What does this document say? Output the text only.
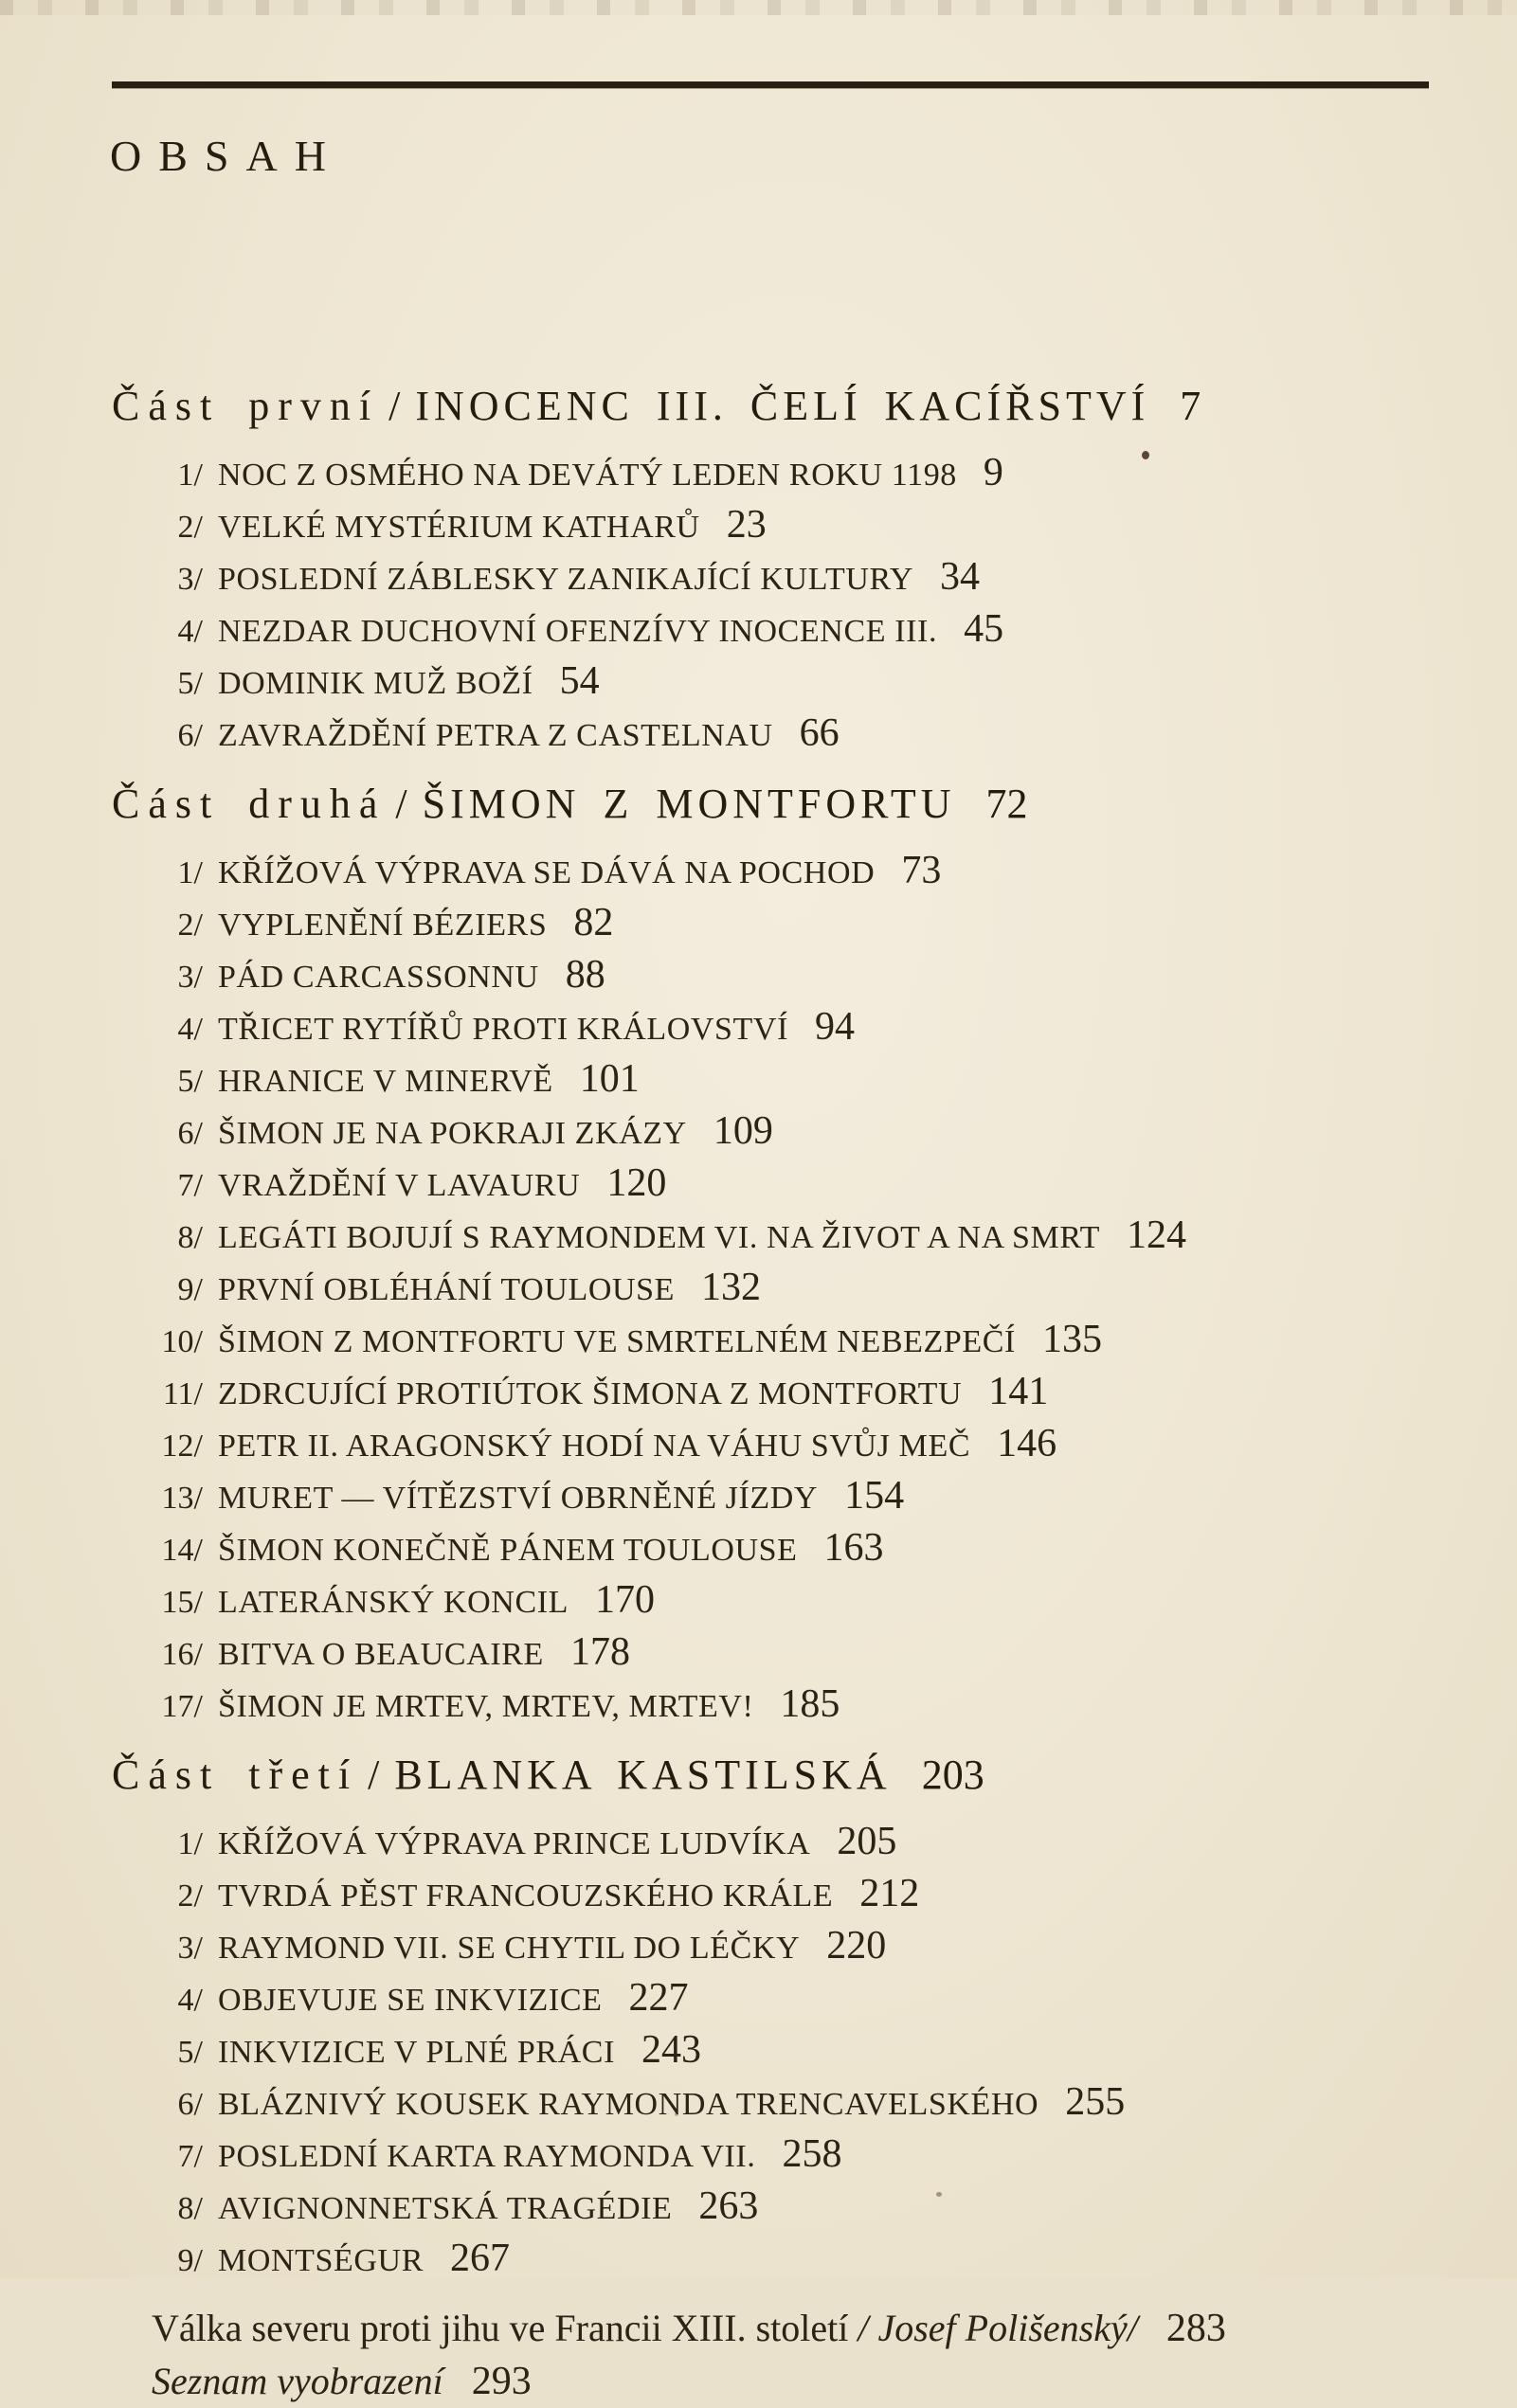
OBSAH
Část první / INOCENC III. ČELÍ KACÍŘSTVÍ 7
1/ NOC Z OSMÉHO NA DEVÁTÝ LEDEN ROKU 1198 9
2/ VELKÉ MYSTÉRIUM KATHARŮ 23
3/ POSLEDNÍ ZÁBLESKY ZANIKAJÍCÍ KULTURY 34
4/ NEZDAR DUCHOVNÍ OFENZÍVY INOCENCE III. 45
5/ DOMINIK MUŽ BOŽÍ 54
6/ ZAVRAŽDĚNÍ PETRA Z CASTELNAU 66
Část druhá / ŠIMON Z MONTFORTU 72
1/ KŘÍŽOVÁ VÝPRAVA SE DÁVÁ NA POCHOD 73
2/ VYPLENĚNÍ BÉZIERS 82
3/ PÁD CARCASSONNU 88
4/ TŘICET RYTÍŘŮ PROTI KRÁLOVSTVÍ 94
5/ HRANICE V MINERVĚ 101
6/ ŠIMON JE NA POKRAJI ZKÁZY 109
7/ VRAŽDĚNÍ V LAVAURU 120
8/ LEGÁTI BOJUJÍ S RAYMONDEM VI. NA ŽIVOT A NA SMRT 124
9/ PRVNÍ OBLÉHÁNÍ TOULOUSE 132
10/ ŠIMON Z MONTFORTU VE SMRTELNÉM NEBEZPEČÍ 135
11/ ZDRCUJÍCÍ PROTIÚTOK ŠIMONA Z MONTFORTU 141
12/ PETR II. ARAGONSKÝ HODÍ NA VÁHU SVŮJ MEČ 146
13/ MURET — VÍTĚZSTVÍ OBRNĚNÉ JÍZDY 154
14/ ŠIMON KONEČNĚ PÁNEM TOULOUSE 163
15/ LATERÁNSKÝ KONCIL 170
16/ BITVA O BEAUCAIRE 178
17/ ŠIMON JE MRTEV, MRTEV, MRTEV! 185
Část třetí / BLANKA KASTILSKÁ 203
1/ KŘÍŽOVÁ VÝPRAVA PRINCE LUDVÍKA 205
2/ TVRDÁ PĚST FRANCOUZSKÉHO KRÁLE 212
3/ RAYMOND VII. SE CHYTIL DO LÉČKY 220
4/ OBJEVUJE SE INKVIZICE 227
5/ INKVIZICE V PLNÉ PRÁCI 243
6/ BLÁZNIVÝ KOUSEK RAYMONDA TRENCAVELSKÉHO 255
7/ POSLEDNÍ KARTA RAYMONDA VII. 258
8/ AVIGNONNETSKÁ TRAGÉDIE 263
9/ MONTSÉGUR 267
Válka severu proti jihu ve Francii XIII. století / Josef Polišenský/ 283
Seznam vyobrazení 293
